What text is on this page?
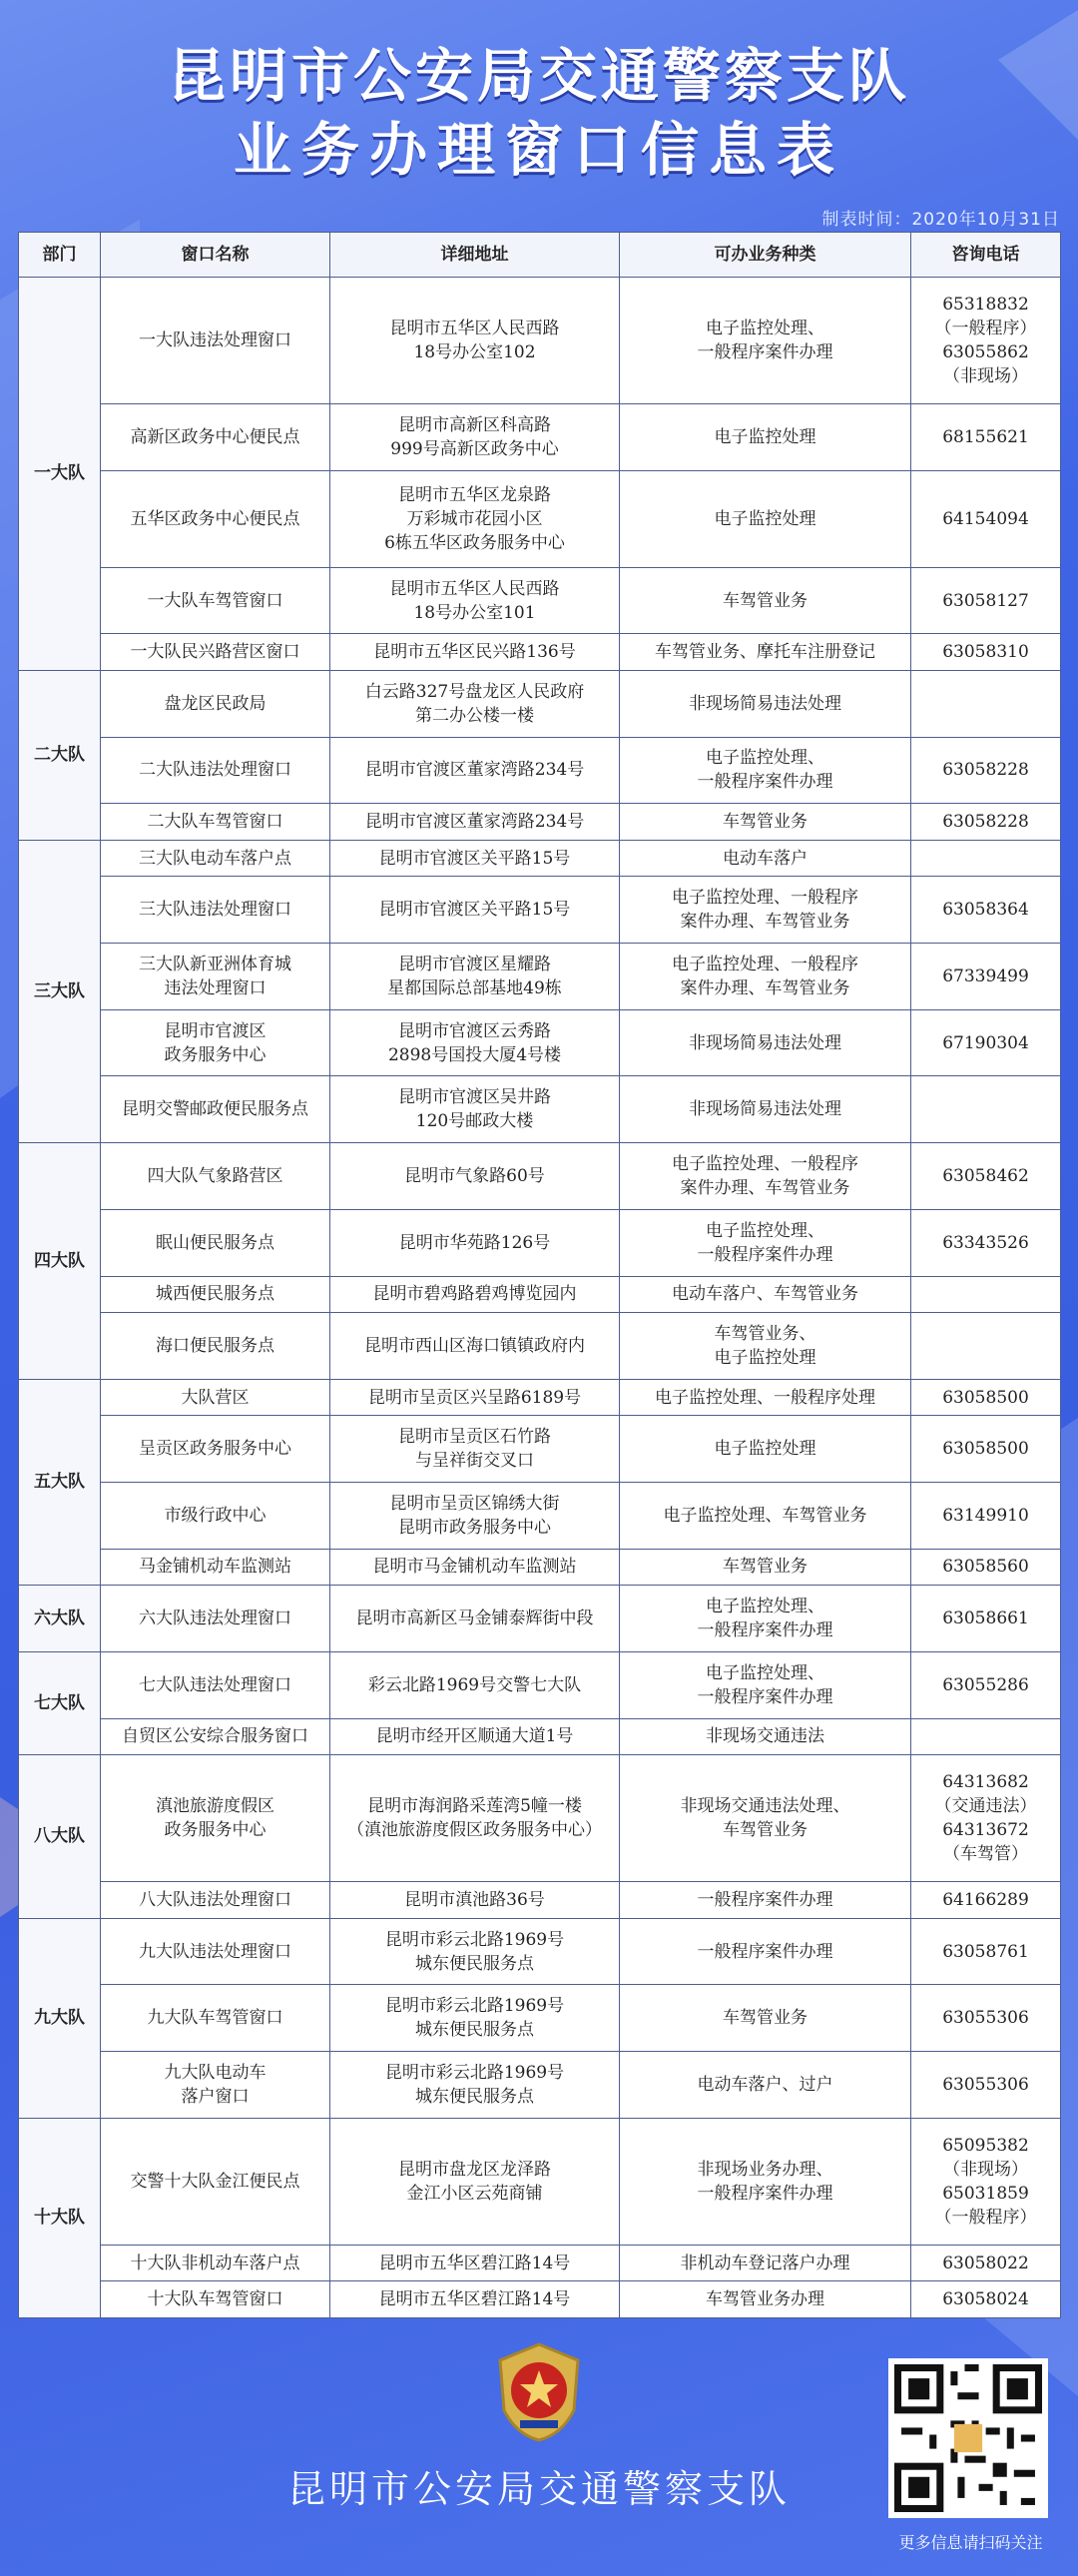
昆明市公安局交通警察支队
业务办理窗口信息表
制表时间：2020年10月31日
部门	窗口名称	详细地址	可办业务种类	咨询电话
一大队	一大队违法处理窗口	昆明市五华区人民西路
18号办公室102	电子监控处理、
一般程序案件办理	65318832
（一般程序）
63055862
（非现场）
	高新区政务中心便民点	昆明市高新区科高路
999号高新区政务中心	电子监控处理	68155621
	五华区政务中心便民点	昆明市五华区龙泉路
万彩城市花园小区
6栋五华区政务服务中心	电子监控处理	64154094
	一大队车驾管窗口	昆明市五华区人民西路
18号办公室101	车驾管业务	63058127
	一大队民兴路营区窗口	昆明市五华区民兴路136号	车驾管业务、摩托车注册登记	63058310
二大队	盘龙区民政局	白云路327号盘龙区人民政府
第二办公楼一楼	非现场简易违法处理	
	二大队违法处理窗口	昆明市官渡区董家湾路234号	电子监控处理、
一般程序案件办理	63058228
	二大队车驾管窗口	昆明市官渡区董家湾路234号	车驾管业务	63058228
三大队	三大队电动车落户点	昆明市官渡区关平路15号	电动车落户	
	三大队违法处理窗口	昆明市官渡区关平路15号	电子监控处理、一般程序
案件办理、车驾管业务	63058364
	三大队新亚洲体育城
违法处理窗口	昆明市官渡区星耀路
星都国际总部基地49栋	电子监控处理、一般程序
案件办理、车驾管业务	67339499
	昆明市官渡区
政务服务中心	昆明市官渡区云秀路
2898号国投大厦4号楼	非现场简易违法处理	67190304
	昆明交警邮政便民服务点	昆明市官渡区吴井路
120号邮政大楼	非现场简易违法处理	
四大队	四大队气象路营区	昆明市气象路60号	电子监控处理、一般程序
案件办理、车驾管业务	63058462
	眠山便民服务点	昆明市华苑路126号	电子监控处理、
一般程序案件办理	63343526
	城西便民服务点	昆明市碧鸡路碧鸡博览园内	电动车落户、车驾管业务	
	海口便民服务点	昆明市西山区海口镇镇政府内	车驾管业务、
电子监控处理	
五大队	大队营区	昆明市呈贡区兴呈路6189号	电子监控处理、一般程序处理	63058500
	呈贡区政务服务中心	昆明市呈贡区石竹路
与呈祥街交叉口	电子监控处理	63058500
	市级行政中心	昆明市呈贡区锦绣大街
昆明市政务服务中心	电子监控处理、车驾管业务	63149910
	马金铺机动车监测站	昆明市马金铺机动车监测站	车驾管业务	63058560
六大队	六大队违法处理窗口	昆明市高新区马金铺泰辉街中段	电子监控处理、
一般程序案件办理	63058661
七大队	七大队违法处理窗口	彩云北路1969号交警七大队	电子监控处理、
一般程序案件办理	63055286
	自贸区公安综合服务窗口	昆明市经开区顺通大道1号	非现场交通违法	
八大队	滇池旅游度假区
政务服务中心	昆明市海润路采莲湾5幢一楼
（滇池旅游度假区政务服务中心）	非现场交通违法处理、
车驾管业务	64313682
（交通违法）
64313672
（车驾管）
	八大队违法处理窗口	昆明市滇池路36号	一般程序案件办理	64166289
九大队	九大队违法处理窗口	昆明市彩云北路1969号
城东便民服务点	一般程序案件办理	63058761
	九大队车驾管窗口	昆明市彩云北路1969号
城东便民服务点	车驾管业务	63055306
	九大队电动车
落户窗口	昆明市彩云北路1969号
城东便民服务点	电动车落户、过户	63055306
十大队	交警十大队金江便民点	昆明市盘龙区龙泽路
金江小区云苑商铺	非现场业务办理、
一般程序案件办理	65095382
（非现场）
65031859
（一般程序）
	十大队非机动车落户点	昆明市五华区碧江路14号	非机动车登记落户办理	63058022
	十大队车驾管窗口	昆明市五华区碧江路14号	车驾管业务办理	63058024
昆明市公安局交通警察支队
更多信息请扫码关注
